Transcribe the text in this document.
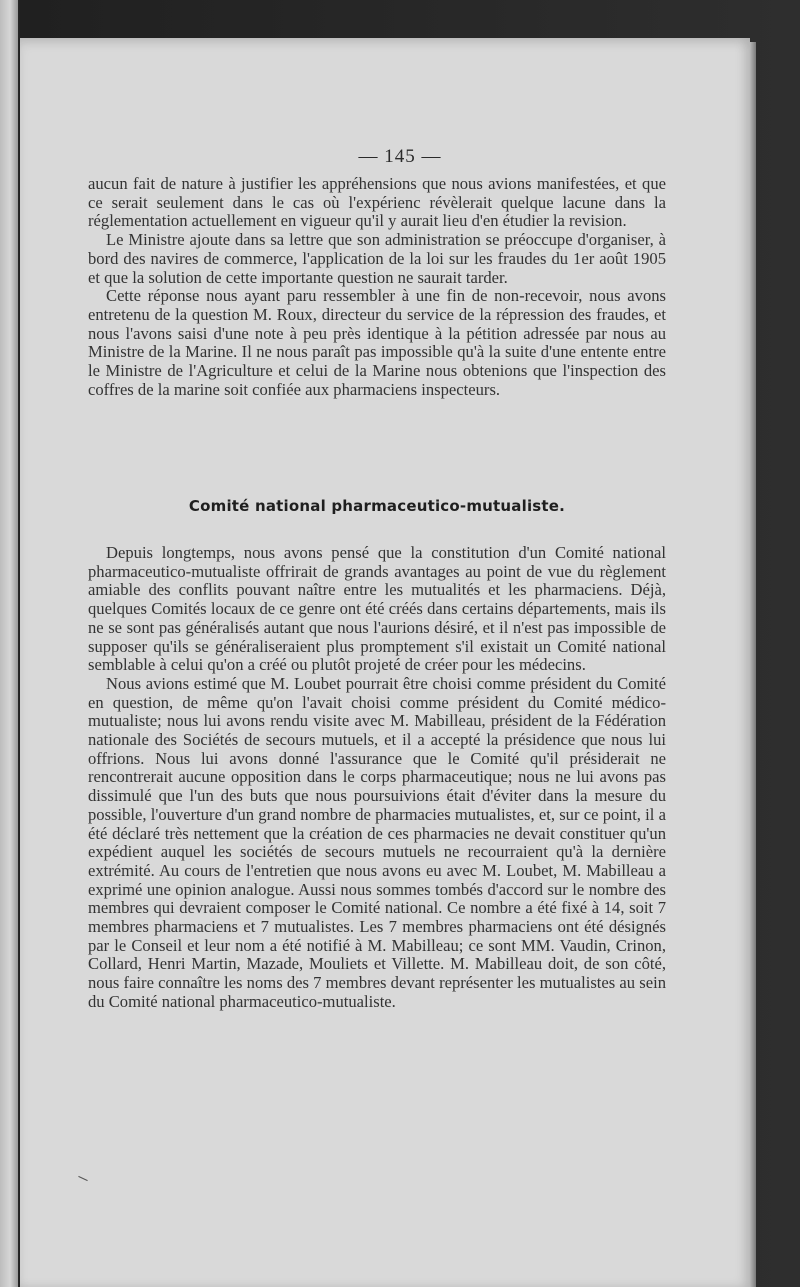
— 145 —

aucun fait de nature à justifier les appréhensions que nous avions manifestées, et que ce serait seulement dans le cas où l'expérienc révèlerait quelque lacune dans la réglementation actuellement en vigueur qu'il y aurait lieu d'en étudier la revision.

Le Ministre ajoute dans sa lettre que son administration se préoccupe d'organiser, à bord des navires de commerce, l'application de la loi sur les fraudes du 1er août 1905 et que la solution de cette importante question ne saurait tarder.

Cette réponse nous ayant paru ressembler à une fin de non-recevoir, nous avons entretenu de la question M. Roux, directeur du service de la répression des fraudes, et nous l'avons saisi d'une note à peu près identique à la pétition adressée par nous au Ministre de la Marine. Il ne nous paraît pas impossible qu'à la suite d'une entente entre le Ministre de l'Agriculture et celui de la Marine nous obtenions que l'inspection des coffres de la marine soit confiée aux pharmaciens inspecteurs.

Comité national pharmaceutico-mutualiste.

Depuis longtemps, nous avons pensé que la constitution d'un Comité national pharmaceutico-mutualiste offrirait de grands avantages au point de vue du règlement amiable des conflits pouvant naître entre les mutualités et les pharmaciens. Déjà, quelques Comités locaux de ce genre ont été créés dans certains départements, mais ils ne se sont pas généralisés autant que nous l'aurions désiré, et il n'est pas impossible de supposer qu'ils se généraliseraient plus promptement s'il existait un Comité national semblable à celui qu'on a créé ou plutôt projeté de créer pour les médecins.

Nous avions estimé que M. Loubet pourrait être choisi comme président du Comité en question, de même qu'on l'avait choisi comme président du Comité médico-mutualiste; nous lui avons rendu visite avec M. Mabilleau, président de la Fédération nationale des Sociétés de secours mutuels, et il a accepté la présidence que nous lui offrions. Nous lui avons donné l'assurance que le Comité qu'il présiderait ne rencontrerait aucune opposition dans le corps pharmaceutique; nous ne lui avons pas dissimulé que l'un des buts que nous poursuivions était d'éviter dans la mesure du possible, l'ouverture d'un grand nombre de pharmacies mutualistes, et, sur ce point, il a été déclaré très nettement que la création de ces pharmacies ne devait constituer qu'un expédient auquel les sociétés de secours mutuels ne recourraient qu'à la dernière extrémité. Au cours de l'entretien que nous avons eu avec M. Loubet, M. Mabilleau a exprimé une opinion analogue. Aussi nous sommes tombés d'accord sur le nombre des membres qui devraient composer le Comité national. Ce nombre a été fixé à 14, soit 7 membres pharmaciens et 7 mutualistes. Les 7 membres pharmaciens ont été désignés par le Conseil et leur nom a été notifié à M. Mabilleau; ce sont MM. Vaudin, Crinon, Collard, Henri Martin, Mazade, Mouliets et Villette. M. Mabilleau doit, de son côté, nous faire connaître les noms des 7 membres devant représenter les mutualistes au sein du Comité national pharmaceutico-mutualiste.
